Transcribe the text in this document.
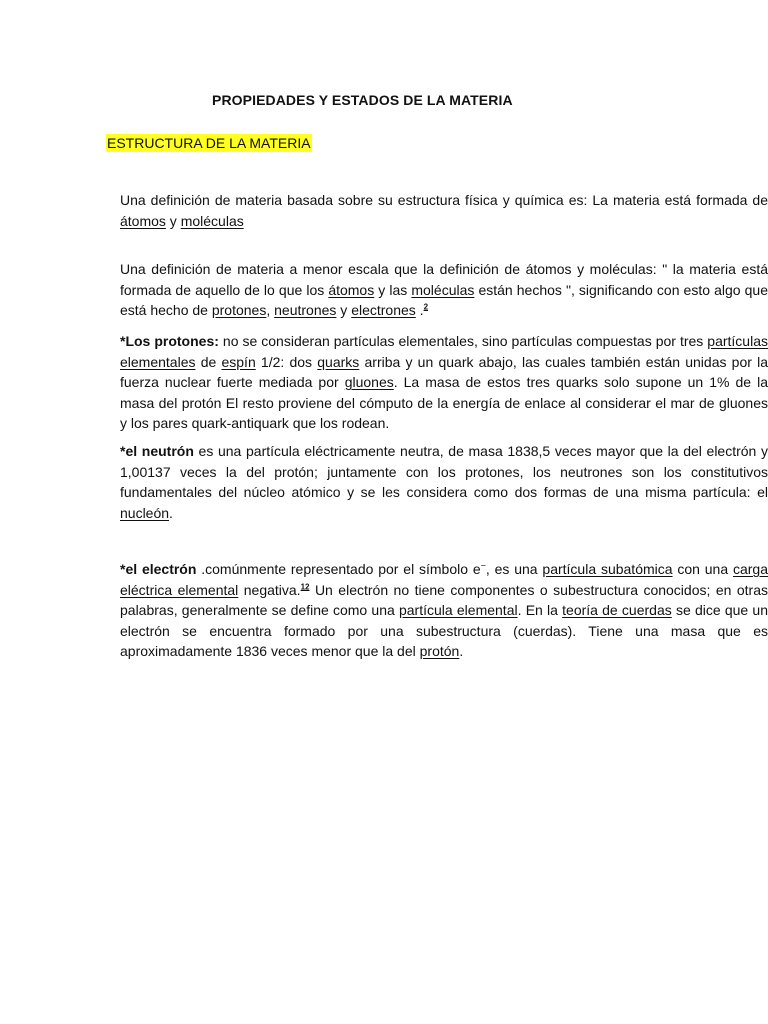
PROPIEDADES Y ESTADOS DE LA MATERIA
ESTRUCTURA DE LA MATERIA
Una definición de materia basada sobre su estructura física y química es: La materia está formada de átomos y moléculas
Una definición de materia a menor escala que la definición de átomos y moléculas: " la materia está formada de aquello de lo que los átomos y las moléculas están hechos ", significando con esto algo que está hecho de protones, neutrones y electrones .$^2$
*Los protones: no se consideran partículas elementales, sino partículas compuestas por tres partículas elementales de espín 1/2: dos quarks arriba y un quark abajo, las cuales también están unidas por la fuerza nuclear fuerte mediada por gluones. La masa de estos tres quarks solo supone un 1% de la masa del protón El resto proviene del cómputo de la energía de enlace al considerar el mar de gluones y los pares quark-antiquark que los rodean.
*el neutrón es una partícula eléctricamente neutra, de masa 1838,5 veces mayor que la del electrón y 1,00137 veces la del protón; juntamente con los protones, los neutrones son los constitutivos fundamentales del núcleo atómico y se les considera como dos formas de una misma partícula: el nucleón.
*el electrón .comúnmente representado por el símbolo e−, es una partícula subatómica con una carga eléctrica elemental negativa.$^{12}$ Un electrón no tiene componentes o subestructura conocidos; en otras palabras, generalmente se define como una partícula elemental. En la teoría de cuerdas se dice que un electrón se encuentra formado por una subestructura (cuerdas). Tiene una masa que es aproximadamente 1836 veces menor que la del protón.
